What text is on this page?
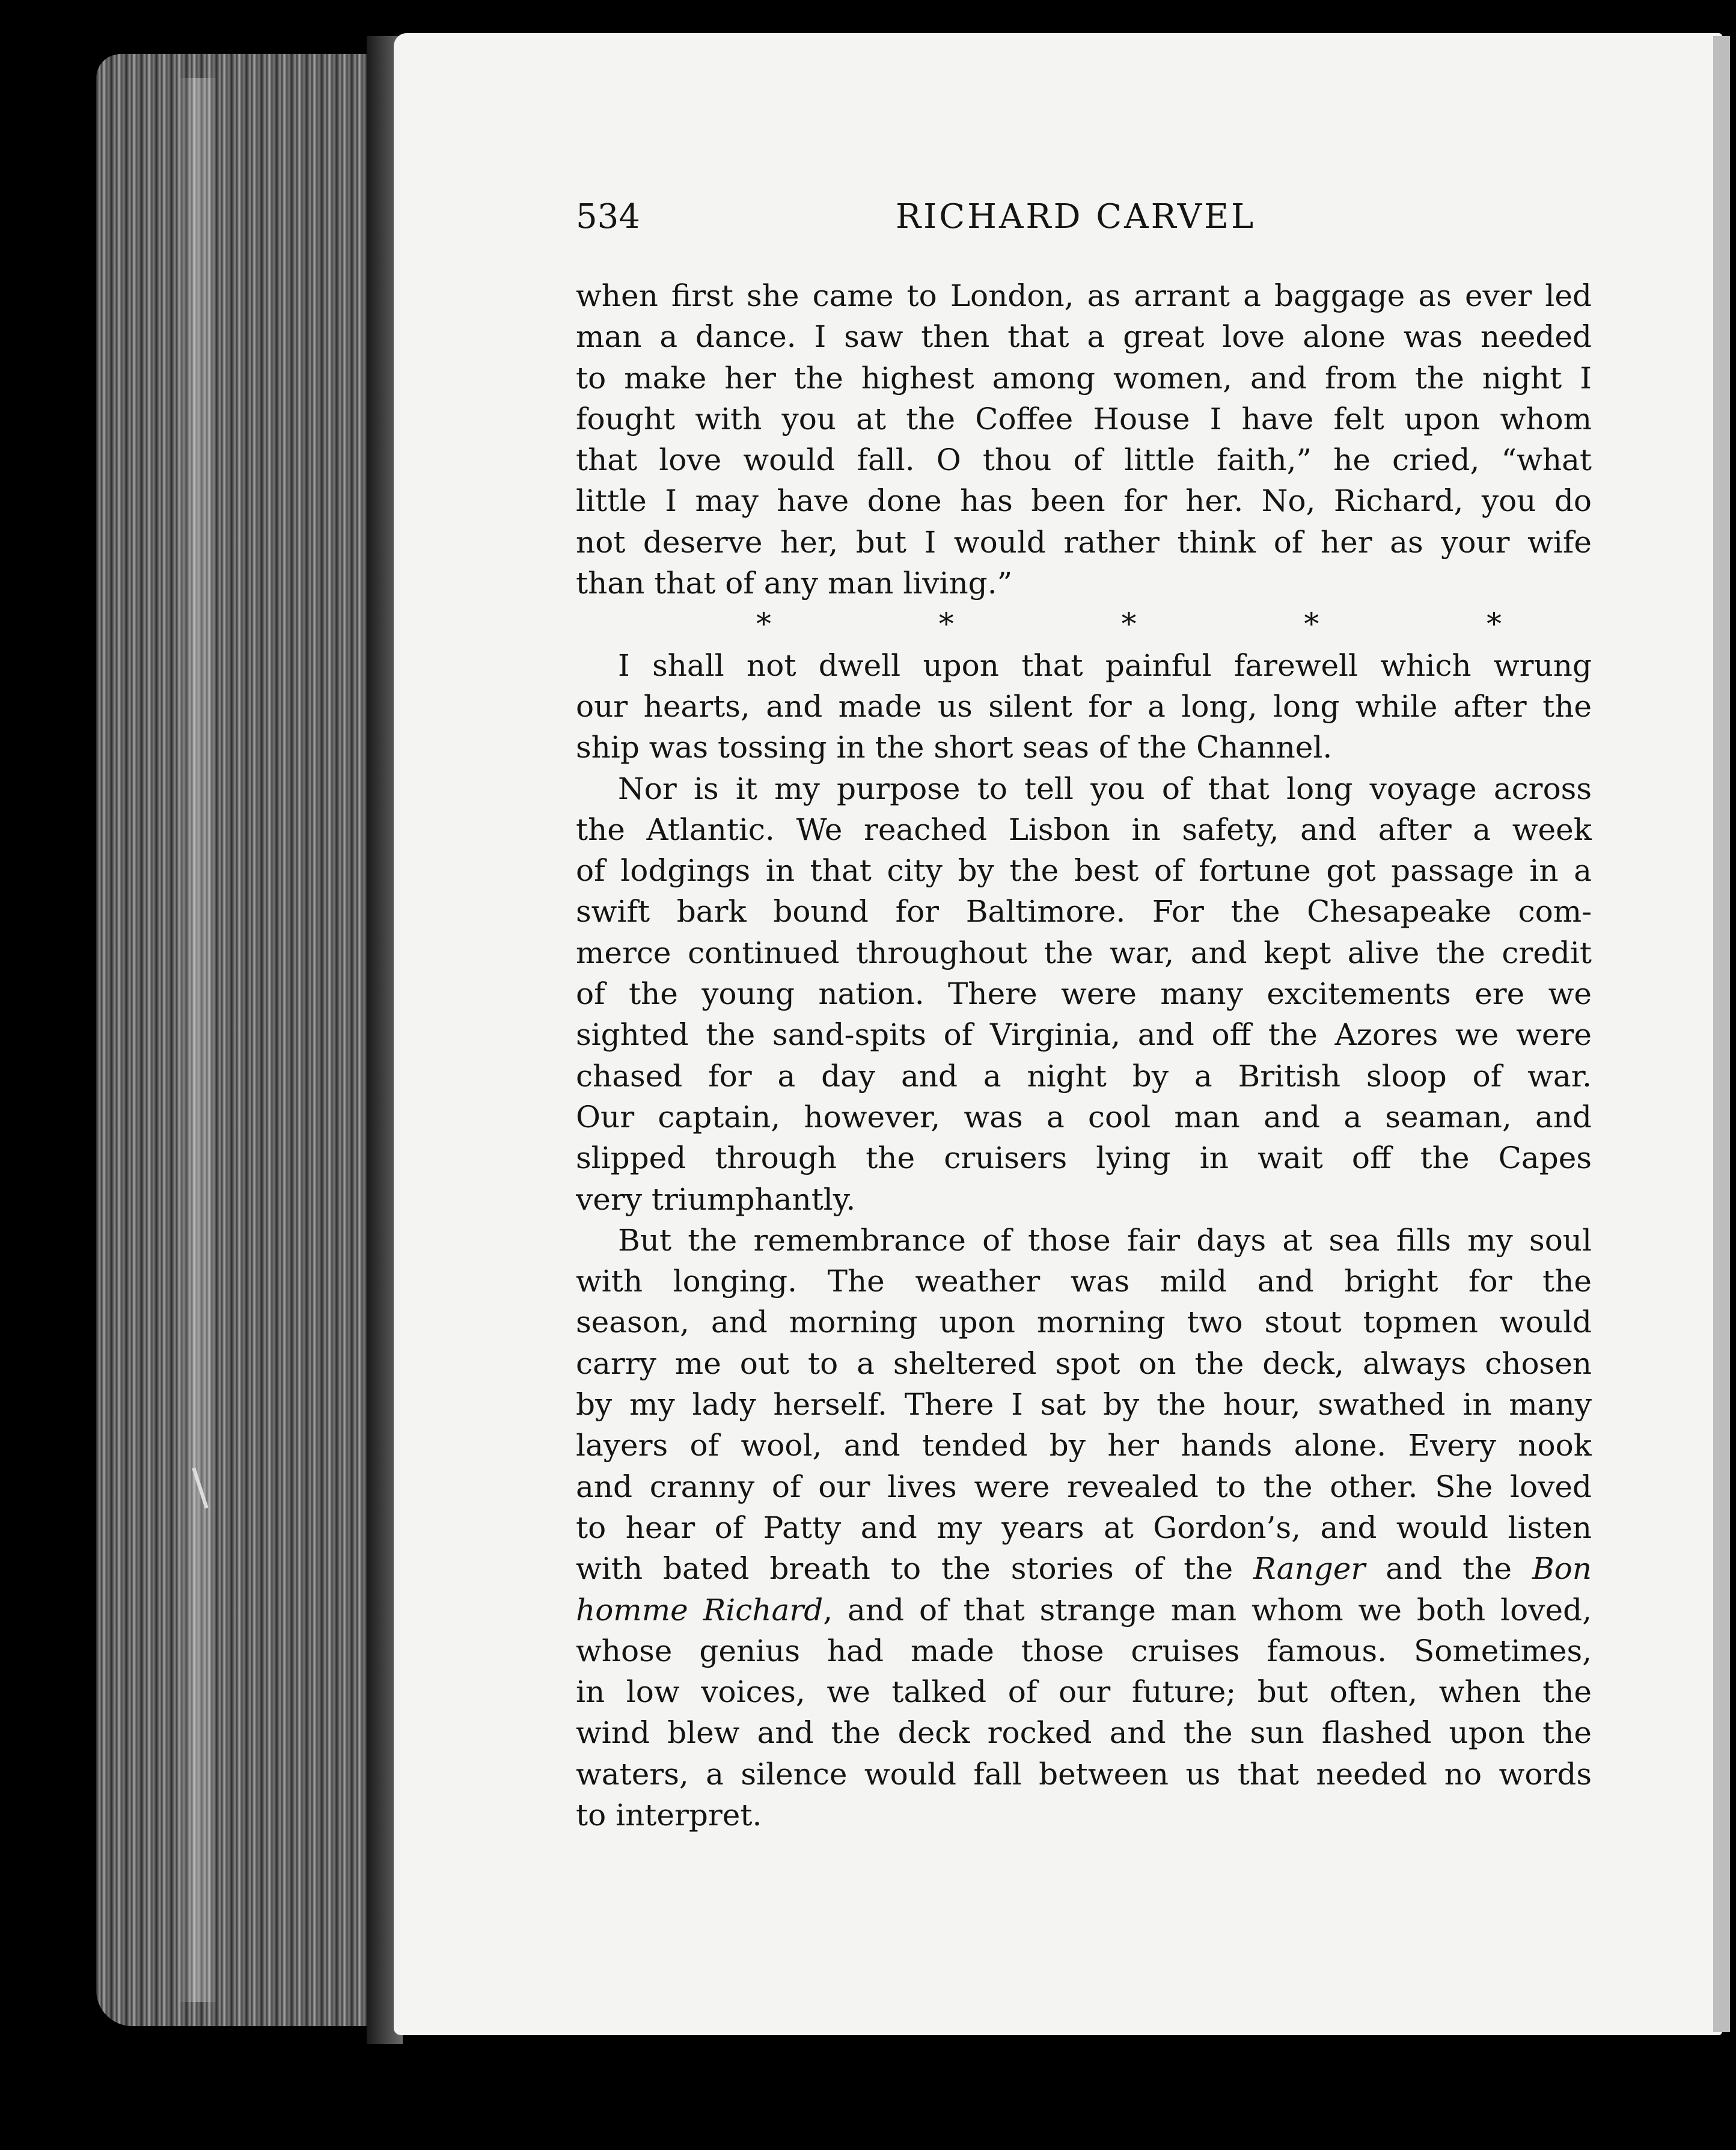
534	RICHARD CARVEL
when first she came to London, as arrant a baggage as ever led
man a dance. I saw then that a great love alone was needed
to make her the highest among women, and from the night I
fought with you at the Coffee House I have felt upon whom
that love would fall. O thou of little faith,” he cried, “what
little I may have done has been for her. No, Richard, you do
not deserve her, but I would rather think of her as your wife
than that of any man living.”
*	*	*	*	*
I shall not dwell upon that painful farewell which wrung
our hearts, and made us silent for a long, long while after the
ship was tossing in the short seas of the Channel.
Nor is it my purpose to tell you of that long voyage across
the Atlantic. We reached Lisbon in safety, and after a week
of lodgings in that city by the best of fortune got passage in a
swift bark bound for Baltimore. For the Chesapeake com-
merce continued throughout the war, and kept alive the credit
of the young nation. There were many excitements ere we
sighted the sand-spits of Virginia, and off the Azores we were
chased for a day and a night by a British sloop of war.
Our captain, however, was a cool man and a seaman, and
slipped through the cruisers lying in wait off the Capes
very triumphantly.
But the remembrance of those fair days at sea fills my soul
with longing. The weather was mild and bright for the
season, and morning upon morning two stout topmen would
carry me out to a sheltered spot on the deck, always chosen
by my lady herself. There I sat by the hour, swathed in many
layers of wool, and tended by her hands alone. Every nook
and cranny of our lives were revealed to the other. She loved
to hear of Patty and my years at Gordon’s, and would listen
with bated breath to the stories of the Ranger and the Bon
homme Richard, and of that strange man whom we both loved,
whose genius had made those cruises famous. Sometimes,
in low voices, we talked of our future; but often, when the
wind blew and the deck rocked and the sun flashed upon the
waters, a silence would fall between us that needed no words
to interpret.
